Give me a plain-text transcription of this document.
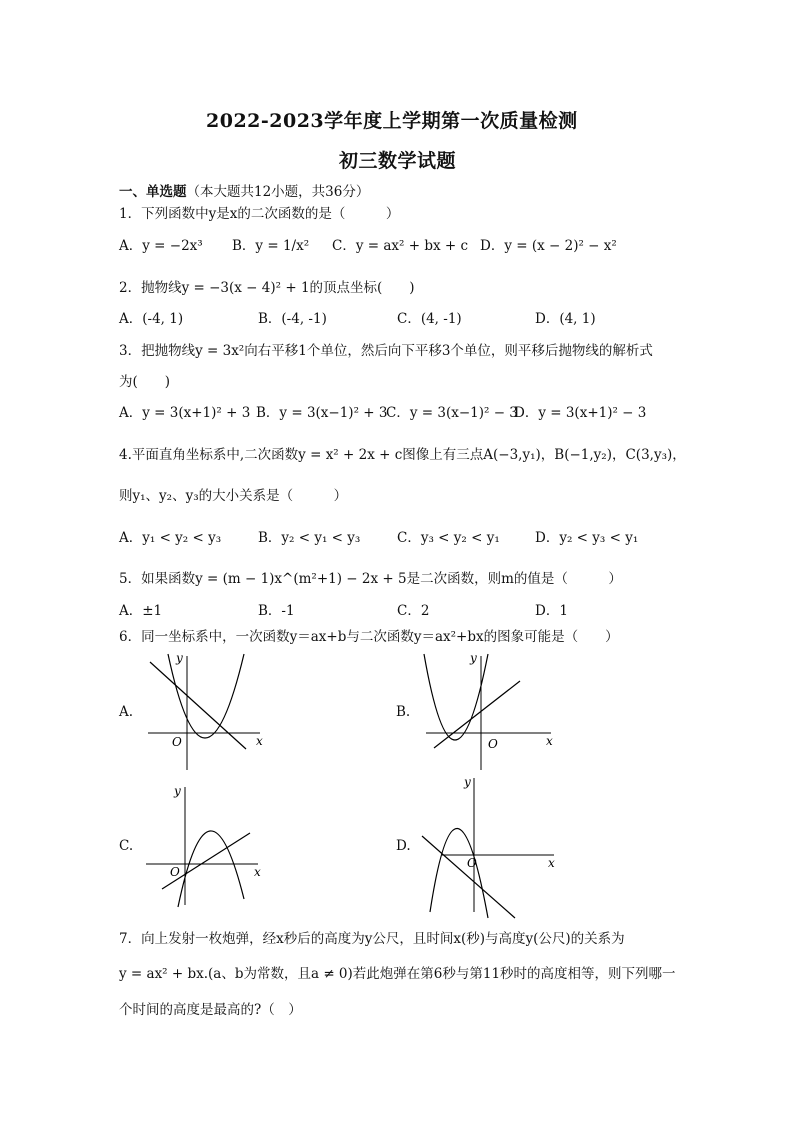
2022-2023学年度上学期第一次质量检测
初三数学试题
一、单选题（本大题共12小题，共36分）
1．下列函数中y是x的二次函数的是（　　　）
A．y = −2x³ B．y = 1/x² C．y = ax² + bx + c D．y = (x − 2)² − x²
2．抛物线y = −3(x − 4)² + 1的顶点坐标(　　)
A．(-4, 1)	B．(-4, -1)	C．(4, -1)	D．(4, 1)
3．把抛物线y = 3x²向右平移1个单位，然后向下平移3个单位，则平移后抛物线的解析式
为(　　)
A．y = 3(x+1)² + 3 B．y = 3(x−1)² + 3
C．y = 3(x−1)² − 3
D．y = 3(x+1)² − 3
4.平面直角坐标系中,二次函数y = x² + 2x + c图像上有三点A(−3,y₁)，B(−1,y₂)，C(3,y₃)，
则y₁、y₂、y₃的大小关系是（　　　）
A．y₁ < y₂ < y₃	B．y₂ < y₁ < y₃	C．y₃ < y₂ < y₁	D．y₂ < y₃ < y₁
5．如果函数y = (m − 1)x^(m²+1) − 2x + 5是二次函数，则m的值是（　　　）
A．±1	B．-1	C．2	D．1
6．同一坐标系中，一次函数y＝ax+b与二次函数y＝ax²+bx的图象可能是（　　）
A.	B.
C.	D.
y
x
O
y
x
O
y
x
O
y
x
O
7．向上发射一枚炮弹，经x秒后的高度为y公尺，且时间x(秒)与高度y(公尺)的关系为
y = ax² + bx.(a、b为常数，且a ≠ 0)若此炮弹在第6秒与第11秒时的高度相等，则下列哪一
个时间的高度是最高的?（　）
